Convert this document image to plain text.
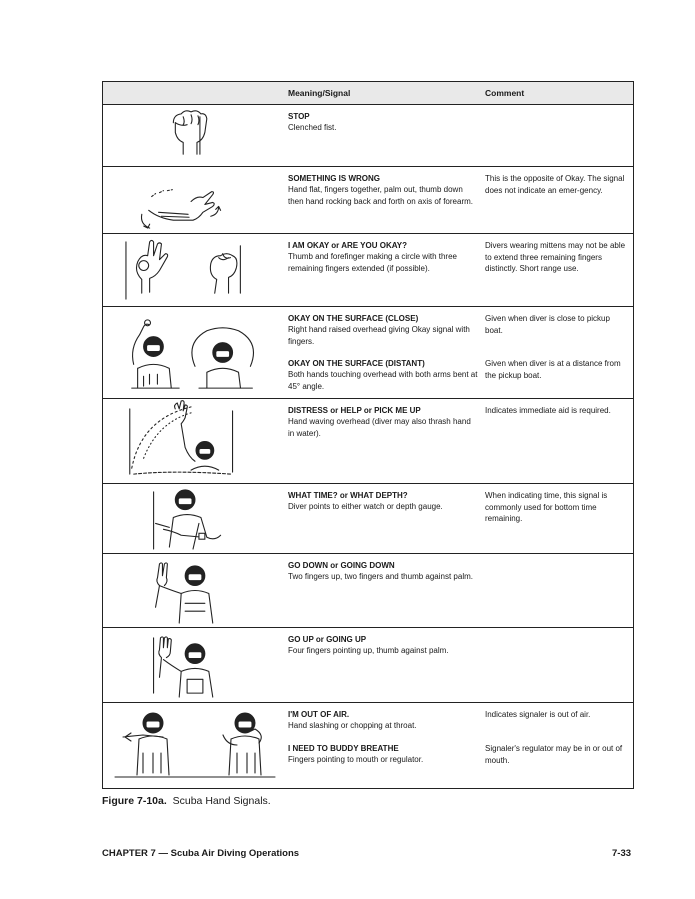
Meaning/Signal	Comment
STOP
Clenched fist.
SOMETHING IS WRONG
Hand flat, fingers together, palm out, thumb down then hand rocking back and forth on axis of forearm.
This is the opposite of Okay. The signal does not indicate an emer-gency.
I AM OKAY or ARE YOU OKAY?
Thumb and forefinger making a circle with three remaining fingers extended (if possible).
Divers wearing mittens may not be able to extend three remaining fingers distinctly. Short range use.
OKAY ON THE SURFACE (CLOSE)
Right hand raised overhead giving Okay signal with fingers.
Given when diver is close to pickup boat.
OKAY ON THE SURFACE (DISTANT)
Both hands touching overhead with both arms bent at 45° angle.
Given when diver is at a distance from the pickup boat.
DISTRESS or HELP or PICK ME UP
Hand waving overhead (diver may also thrash hand in water).
Indicates immediate aid is required.
WHAT TIME? or WHAT DEPTH?
Diver points to either watch or depth gauge.
When indicating time, this signal is commonly used for bottom time remaining.
GO DOWN or GOING DOWN
Two fingers up, two fingers and thumb against palm.
GO UP or GOING UP
Four fingers pointing up, thumb against palm.
I'M OUT OF AIR.
Hand slashing or chopping at throat.
Indicates signaler is out of air.
I NEED TO BUDDY BREATHE
Fingers pointing to mouth or regulator.
Signaler's regulator may be in or out of mouth.
Figure 7-10a. Scuba Hand Signals.
CHAPTER 7 — Scuba Air Diving Operations	7-33
